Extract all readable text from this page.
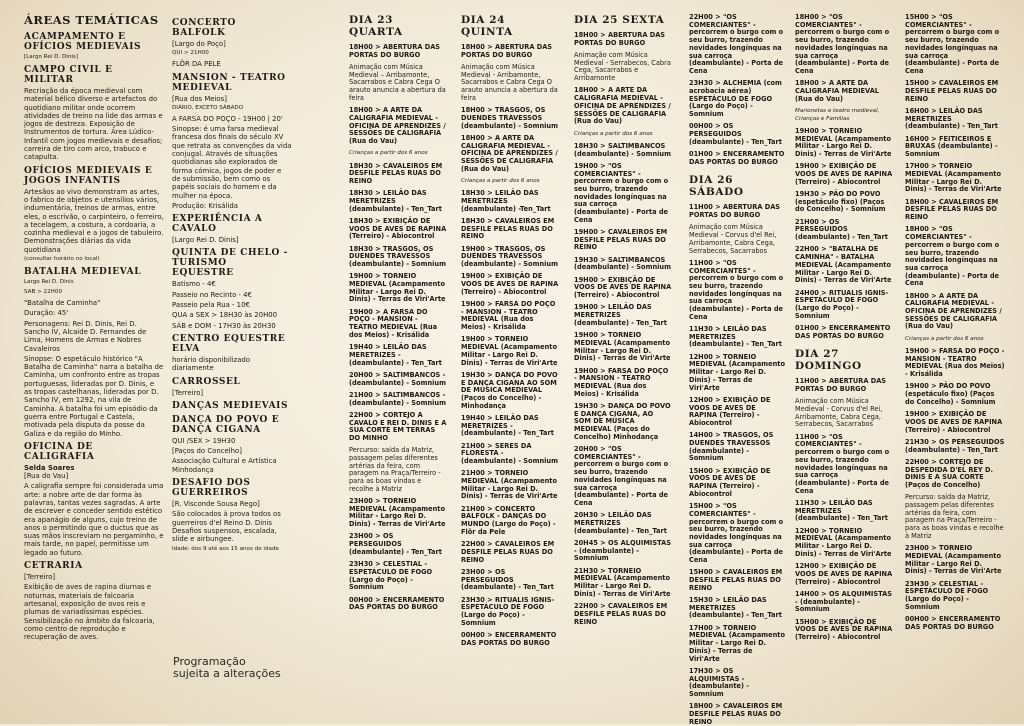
ÁREAS TEMÁTICAS
ACAMPAMENTO E OFÍCIOS MEDIEVAIS
[Largo Rei D. Dinis]
CAMPO CIVIL E MILITAR
Recriação da época medieval com material bélico diverso e artefactos do quotidiano militar onde ocorrem atividades de treino na lide das armas e jogos de destreza. Exposição de Instrumentos de tortura. Área Lúdico-Infantil com jogos medievais e desafios; carreira de tiro com arco, trabuco e catapulta.
OFÍCIOS MEDIEVAIS E JOGOS INFANTIS
Artesãos ao vivo demonstram as artes, o fabrico de objetos e utensílios vários, indumentária, treinos de armas, entre eles, o escrivão, o carpinteiro, o ferreiro, a tecelagem, a costura, a cordoaria, a cozinha medieval e a jogos de tabuleiro. Demonstrações diárias da vida quotidiana
(consultar horário no local)
BATALHA MEDIEVAL
Largo Rei D. Dinis
SAB > 22H00
"Batalha de Caminha"
Duração: 45'
Personagens: Rei D. Dinis, Rei D. Sancho IV, Alcaide D. Fernandes de Lima, Homens de Armas e Nobres Cavaleiros
Sinopse: O espetáculo histórico "A Batalha de Caminha" narra a batalha de Caminha, um confronto entre as tropas portuguesas, lideradas por D. Dinis, e as tropas castelhanas, lideradas por D. Sancho IV, em 1292, na vila de Caminha. A batalha foi um episódio da guerra entre Portugal e Castela, motivada pela disputa da posse da Galiza e da região do Minho.
OFICINA DE CALIGRAFIA
Selda Soares
[Rua do Vau]
A caligrafia sempre foi considerada uma arte: a nobre arte de dar forma às palavras, tantas vezes sagradas. A arte de escrever e conceder sentido estético era apanágio de alguns, cujo treino de anos o permitindo que o ductus que as suas mãos inscreviam no pergaminho, e mais tarde, no papel, permitisse um legado ao futuro.
CETRARIA
[Terreiro]
Exibição de aves de rapina diurnas e noturnas, materiais de falcoaria artesanal, exposição de ovos reis e plumas de variadíssimas espécies. Sensibilização no âmbito da falcoaria, como centro de reprodução e recuperação de aves.
CONCERTO BALFOLK
[Largo do Poço]
QUI > 21H00
FLÔR DA PELE
MANSION - TEATRO MEDIEVAL
[Rua dos Meios]
DIÁRIO, EXCETO SÁBADO
A FARSA DO POÇO - 19H00 | 20'
Sinopse: é uma farsa medieval francesa dos finais do século XV que retrata as convenções da vida conjugal. Através de situações quotidianas são explorados de forma cómica, jogos de poder e de submissão, bem como os papéis sociais do homem e da mulher na época.
Produção: Krisálida
EXPERIÊNCIA A CAVALO
[Largo Rei D. Dinis]
QUINTA DE CHELO - TURISMO EQUESTRE
Batismo - 4€
Passeio no Recinto - 4€
Passeio pela Rua - 10€
QUA a SEX > 18H30 às 20H00
SÁB e DOM - 17H30 às 20H30
CENTRO EQUESTRE ELVA
horário disponibilizado diariamente
CARROSSEL
[Terreiro]
DANÇAS MEDIEVAIS
DANÇA DO POVO E DANÇA CIGANA
QUI /SEX > 19H30
[Paços do Concelho]
Associação Cultural e Artística Minhodança
DESAFIO DOS GUERREIROS
[R. Visconde Sousa Rego]
São colocados à prova todos os guerreiros d'el Reino D. Dinis Desafios suspensos, escalada, slide e airbungee.
Idade: dos 9 até aos 15 anos de idade
DIA 23 QUARTA
18H00 > ABERTURA DAS PORTAS DO BURGO
Animação com Música Medieval – Arribamonte, Sacarrabos e Cabra Cega O arauto anuncia a abertura da feira
18H00 > A ARTE DA CALIGRAFIA MEDIEVAL - OFICINA DE APRENDIZES / SESSÕES DE CALIGRAFIA (Rua do Vau)
Crianças a partir dos 6 anos
18H30 > CAVALEIROS EM DESFILE PELAS RUAS DO REINO
18H30 > LEILÃO DAS MERETRIZES (deambulante) - Ten_Tart
18H30 > EXIBIÇÃO DE VOOS DE AVES DE RAPINA (Terreiro) - Abiocontrol
18H30 > TRASGOS, OS DUENDES TRAVESSOS (deambulante) - Somnium
19H00 > TORNEIO MEDIEVAL (Acampamento Militar - Largo Rei D. Dinis) - Terras de Viri'Arte
19H00 > A FARSA DO POÇO - MANSION - TEATRO MEDIEVAL (Rua dos Meios) - Krisálida
19H40 > LEILÃO DAS MERETRIZES - (deambulante) - Ten_Tart
20H00 > SALTIMBANCOS - (deambulante) - Somnium
21H00 > SALTIMBANCOS - (deambulante) - Somnium
22H00 > CORTEJO A CAVALO E REI D. DINIS E A SUA CORTE EM TERRAS DO MINHO
Percurso: saída da Matriz, passagem pelas diferentes artérias da feira, com paragem na Praça/Terreiro - para as boas vindas e recolhe à Matriz
23H00 > TORNEIO MEDIEVAL (Acampamento Militar - Largo Rei D. Dinis) - Terras de Viri'Arte
23H00 > OS PERSEGUIDOS (deambulante) - Ten_Tart
23H30 > CELESTIAL - ESPETÁCULO DE FOGO (Largo do Poço) - Somnium
00H00 > ENCERRAMENTO DAS PORTAS DO BURGO
DIA 24 QUINTA
18H00 > ABERTURA DAS PORTAS DO BURGO
Animação com Música Medieval - Arribamonte, Sacarrabos e Cabra Cega O arauto anuncia a abertura da feira
18H00 > TRASGOS, OS DUENDES TRAVESSOS (deambulante) - Somnium
18H00 > A ARTE DA CALIGRAFIA MEDIEVAL - OFICINA DE APRENDIZES / SESSÕES DE CALIGRAFIA (Rua do Vau)
Crianças a partir dos 6 anos
18H30 > LEILÃO DAS MERETRIZES (deambulante) -Ten_Tart
18H30 > CAVALEIROS EM DESFILE PELAS RUAS DO REINO
19H00 > TRASGOS, OS DUENDES TRAVESSOS (deambulante) - Somnium
19H00 > EXIBIÇÃO DE VOOS DE AVES DE RAPINA (Terreiro) - Abiocontrol
19H00 > FARSA DO POÇO - MANSION - TEATRO MEDIEVAL (Rua dos Meios) - Krisálida
19H00 > TORNEIO MEDIEVAL (Acampamento Militar - Largo Rei D. Dinis) - Terras de Viri'Arte
19H30 > DANÇA DO POVO E DANÇA CIGANA AO SOM DE MÚSICA MEDIEVAL (Paços do Concelho) - Minhodança
19H40 > LEILÃO DAS MERETRIZES - (deambulante) - Ten_Tart
21H00 > SERES DA FLORESTA - (deambulante) - Somnium
21H00 > TORNEIO MEDIEVAL (Acampamento Militar - Largo Rei D. Dinis) - Terras de Viri'Arte
21H00 > CONCERTO BALFOLK - DANÇAS DO MUNDO (Largo do Poço) - Flôr da Pele
22H00 > CAVALEIROS EM DESFILE PELAS RUAS DO REINO
23H00 > OS PERSEGUIDOS (deambulante) - Ten_Tart
23H30 > RITUALIS IGNIS- ESPETÁCULO DE FOGO (Largo do Poço) - Somnium
00H00 > ENCERRAMENTO DAS PORTAS DO BURGO
DIA 25 SEXTA
18H00 > ABERTURA DAS PORTAS DO BURGO
Animação com Música Medieval - Serrabecos, Cabra Cega, Sacarrabos e Arribamonte
18H00 > A ARTE DA CALIGRAFIA MEDIEVAL - OFICINA DE APRENDIZES / SESSÕES DE CALIGRAFIA (Rua do Vau)
Crianças a partir dos 6 anos
18H30 > SALTIMBANCOS (deambulante) - Somnium
19H00 > "OS COMERCIANTES" - percorrem o burgo com o seu burro, trazendo novidades longínquas na sua carroça (deambulante) - Porta de Cena
19H00 > CAVALEIROS EM DESFILE PELAS RUAS DO REINO
19H30 > SALTIMBANCOS (deambulante) - Somnium
19H00 > EXIBIÇÃO DE VOOS DE AVES DE RAPINA (Terreiro) - Abiocontrol
19H00 > LEILÃO DAS MERETRIZES (deambulante) - Ten_Tart
19H00 > TORNEIO MEDIEVAL (Acampamento Militar - Largo Rei D. Dinis) - Terras de Viri'Arte
19H00 > FARSA DO POÇO - MANSION - TEATRO MEDIEVAL (Rua dos Meios) - Krisálida
19H30 > DANÇA DO POVO E DANÇA CIGANA, AO SOM DE MÚSICA MEDIEVAL (Paços do Concelho) Minhodança
20H00 > "OS COMERCIANTES" - percorrem o burgo com o seu burro, trazendo novidades longínquas na sua carroça (deambulante) - Porta de Cena
20H30 > LEILÃO DAS MERETRIZES (deambulante) - Ten_Tart
20H45 > OS ALQUIMISTAS - (deambulante) - Somnium
21H30 > TORNEIO MEDIEVAL (Acampamento Militar - Largo Rei D. Dinis) - Terras de Viri'Arte
22H00 > CAVALEIROS EM DESFILE PELAS RUAS DO REINO
22H00 > "OS COMERCIANTES" - percorrem o burgo com o seu burro, trazendo novidades longínquas na sua carroça (deambulante) - Porta de Cena
23H30 > ALCHEMIA (com acrobacia aérea) ESPETÁCULO DE FOGO (Largo do Poço) - Somnium
00H00 > OS PERSEGUIDOS (deambulante) - Ten_Tart
01H00 > ENCERRAMENTO DAS PORTAS DO BURGO
DIA 26 SÁBADO
11H00 > ABERTURA DAS PORTAS DO BURGO
Animação com Música Medieval - Corvus d'el Rei, Arribamonte, Cabra Cega, Serrabecos, Sacarrabos
11H00 > "OS COMERCIANTES" - percorrem o burgo com o seu burro, trazendo novidades longínquas na sua carroça (deambulante) - Porta de Cena
11H30 > LEILÃO DAS MERETRIZES (deambulante) - Ten_Tart
12H00 > TORNEIO MEDIEVAL (Acampamento Militar - Largo Rei D. Dinis) - Terras de Viri'Arte
12H00 > EXIBIÇÃO DE VOOS DE AVES DE RAPINA (Terreiro) - Abiocontrol
14H00 > TRASGOS, OS DUENDES TRAVESSOS (deambulante) - Somnium
15H00 > EXIBIÇÃO DE VOOS DE AVES DE RAPINA (Terreiro) - Abiocontrol
15H00 > "OS COMERCIANTES" - percorrem o burgo com o seu burro, trazendo novidades longínquas na sua carroça (deambulante) - Porta de Cena
15H00 > CAVALEIROS EM DESFILE PELAS RUAS DO REINO
15H30 > LEILÃO DAS MERETRIZES (deambulante) - Ten_Tart
17H00 > TORNEIO MEDIEVAL (Acampamento Militar - Largo Rei D. Dinis) - Terras de Viri'Arte
17H30 > OS ALQUIMISTAS - (deambulante) - Somnium
18H00 > CAVALEIROS EM DESFILE PELAS RUAS DO REINO
18H00 > "OS COMERCIANTES" - percorrem o burgo com o seu burro, trazendo novidades longínquas na sua carroça (deambulante) - Porta de Cena
18H00 > A ARTE DA CALIGRAFIA MEDIEVAL (Rua do Vau)
Marionetas e teatro medieval, Crianças e Famílias
19H00 > TORNEIO MEDIEVAL (Acampamento Militar - Largo Rei D. Dinis) - Terras de Viri'Arte
19H00 > EXIBIÇÃO DE VOOS DE AVES DE RAPINA (Terreiro) - Abiocontrol
19H30 > PÃO DO POVO (espetáculo fixo) (Paços do Concelho) - Somnium
21H00 > OS PERSEGUIDOS (deambulante) - Ten_Tart
22H00 > "BATALHA DE CAMINHA" - BATALHA MEDIEVAL (Acampamento Militar - Largo Rei D. Dinis) - Terras de Viri'Arte
24H00 > RITUALIS IGNIS- ESPETÁCULO DE FOGO (Largo do Poço) - Somnium
01H00 > ENCERRAMENTO DAS PORTAS DO BURGO
DIA 27 DOMINGO
11H00 > ABERTURA DAS PORTAS DO BURGO
Animação com Música Medieval - Corvus d'el Rei, Arribamonte, Cabra Cega, Serrabecos, Sacarrabos
11H00 > "OS COMERCIANTES" - percorrem o burgo com o seu burro, trazendo novidades longínquas na sua carroça (deambulante) - Porta de Cena
11H30 > LEILÃO DAS MERETRIZES (deambulante) - Ten_Tart
12H00 > TORNEIO MEDIEVAL (Acampamento Militar - Largo Rei D. Dinis) - Terras de Viri'Arte
12H00 > EXIBIÇÃO DE VOOS DE AVES DE RAPINA (Terreiro) - Abiocontrol
14H00 > OS ALQUIMISTAS - (deambulante) - Somnium
15H00 > EXIBIÇÃO DE VOOS DE AVES DE RAPINA (Terreiro) - Abiocontrol
15H00 > "OS COMERCIANTES" - percorrem o burgo com o seu burro, trazendo novidades longínquas na sua carroça (deambulante) - Porta de Cena
15H00 > CAVALEIROS EM DESFILE PELAS RUAS DO REINO
16H00 > LEILÃO DAS MERETRIZES (deambulante) - Ten_Tart
16H00 > FEITICEIROS E BRUXAS (deambulante) - Somnium
17H00 > TORNEIO MEDIEVAL (Acampamento Militar - Largo Rei D. Dinis) - Terras de Viri'Arte
18H00 > CAVALEIROS EM DESFILE PELAS RUAS DO REINO
18H00 > "OS COMERCIANTES" - percorrem o burgo com o seu burro, trazendo novidades longínquas na sua carroça (deambulante) - Porta de Cena
18H00 > A ARTE DA CALIGRAFIA MEDIEVAL - OFICINA DE APRENDIZES / SESSÕES DE CALIGRAFIA (Rua do Vau)
Crianças a partir dos 6 anos
19H00 > FARSA DO POÇO - MANSION - TEATRO MEDIEVAL (Rua dos Meios) - Krisálida
19H00 > PÃO DO POVO (espetáculo fixo) (Paços do Concelho) - Somnium
19H00 > EXIBIÇÃO DE VOOS DE AVES DE RAPINA (Terreiro) - Abiocontrol
21H30 > OS PERSEGUIDOS (deambulante) - Ten_Tart
22H00 > CORTEJO DE DESPEDIDA D'EL REY D. DINIS E A SUA CORTE (Paços do Concelho)
Percurso: saída da Matriz, passagem pelas diferentes artérias da feira, com paragem na Praça/Terreiro - para as boas vindas e recolhe à Matriz
23H00 > TORNEIO MEDIEVAL (Acampamento Militar - Largo Rei D. Dinis) - Terras de Viri'Arte
23H30 > CELESTIAL - ESPETÁCULO DE FOGO (Largo do Poço) - Somnium
00H00 > ENCERRAMENTO DAS PORTAS DO BURGO
Programação
sujeita a alterações
